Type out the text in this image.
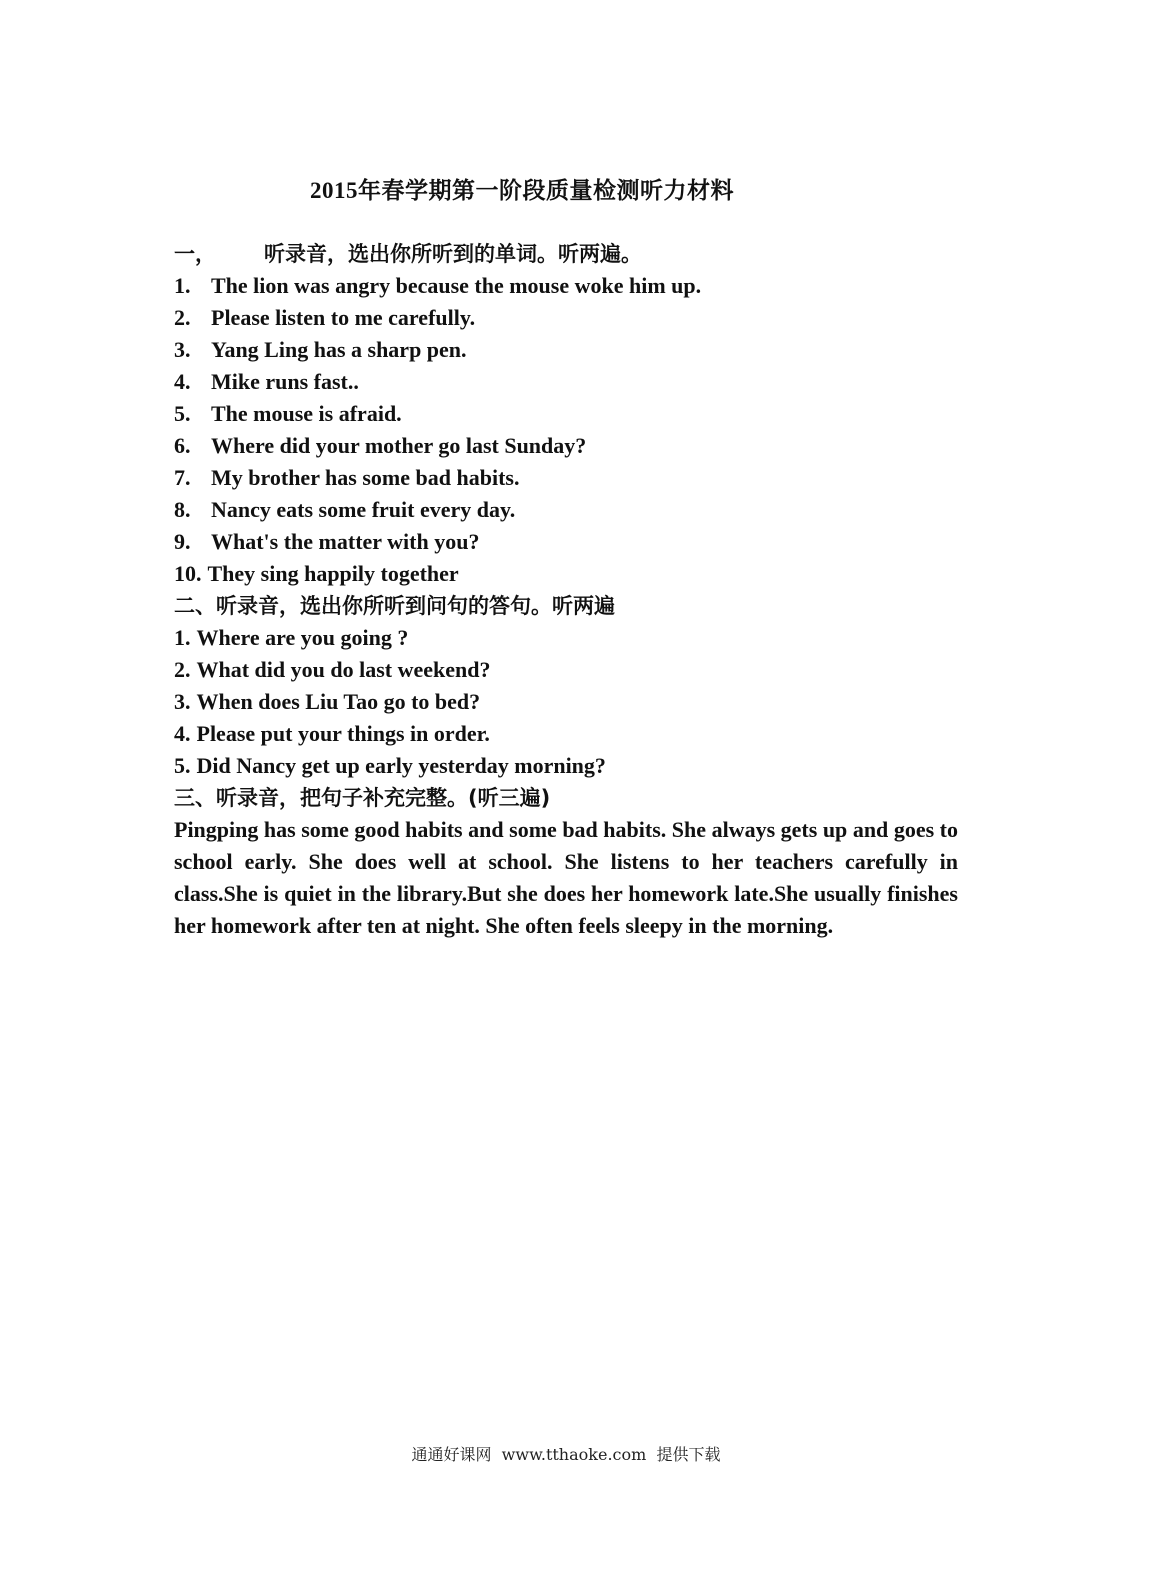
2015年春学期第一阶段质量检测听力材料
一， 听录音，选出你所听到的单词。听两遍。
1. The lion was angry because the mouse woke him up.
2. Please listen to me carefully.
3. Yang Ling has a sharp pen.
4. Mike runs fast..
5. The mouse is afraid.
6. Where did your mother go last Sunday?
7. My brother has some bad habits.
8. Nancy eats some fruit every day.
9. What's the matter with you?
10. They sing happily together
二、听录音，选出你所听到问句的答句。听两遍
1. Where are you going ?
2. What did you do last weekend?
3. When does Liu Tao go to bed?
4. Please put your things in order.
5. Did Nancy get up early yesterday morning?
三、听录音，把句子补充完整。(听三遍)
Pingping has some good habits and some bad habits. She always gets up and goes to school early. She does well at school. She listens to her teachers carefully in class.She is quiet in the library.But she does her homework late.She usually finishes her homework after ten at night. She often feels sleepy in the morning.
通通好课网  www.tthaoke.com  提供下载
